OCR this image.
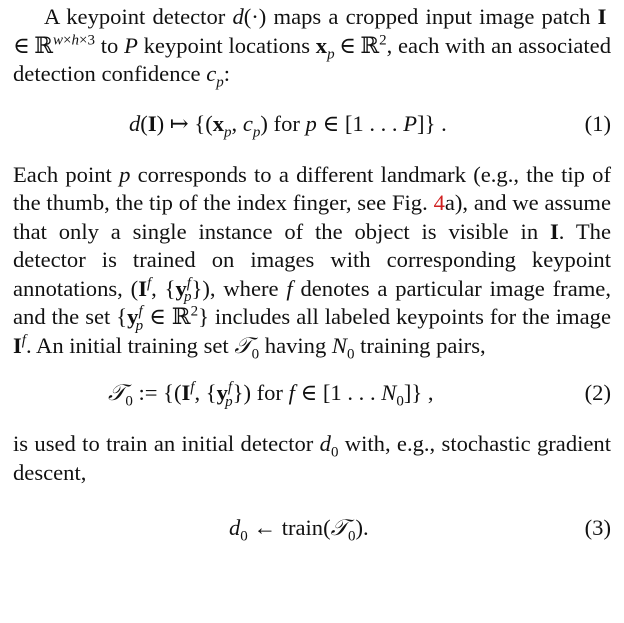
A keypoint detector d(·) maps a cropped input image patch I ∈ ℝ$^{w\times h\times 3}$ to P keypoint locations $x_p$ ∈ ℝ$^2$, each with an associated detection confidence $c_p$:

d(I) ↦ {($x_p$, $c_p$) for p ∈ [1 . . . P]} .	(1)

Each point p corresponds to a different landmark (e.g., the tip of the thumb, the tip of the index finger, see Fig. 4a), and we assume that only a single instance of the object is visible in I. The detector is trained on images with corresponding keypoint annotations, ($I^f$, $\{y^f_p\}$), where f denotes a particular image frame, and the set {$y^f_p$ ∈ ℝ$^2$} includes all labeled keypoints for the image $I^f$. An initial training set 𝒯$_0$ having $N_0$ training pairs,

𝒯$_0$ := {($I^f$, $\{y^f_p\}$) for f ∈ [1 . . . $N_0$]} ,	(2)

is used to train an initial detector $d_0$ with, e.g., stochastic gradient descent,

$d_0$ ← train(𝒯$_0$).	(3)
